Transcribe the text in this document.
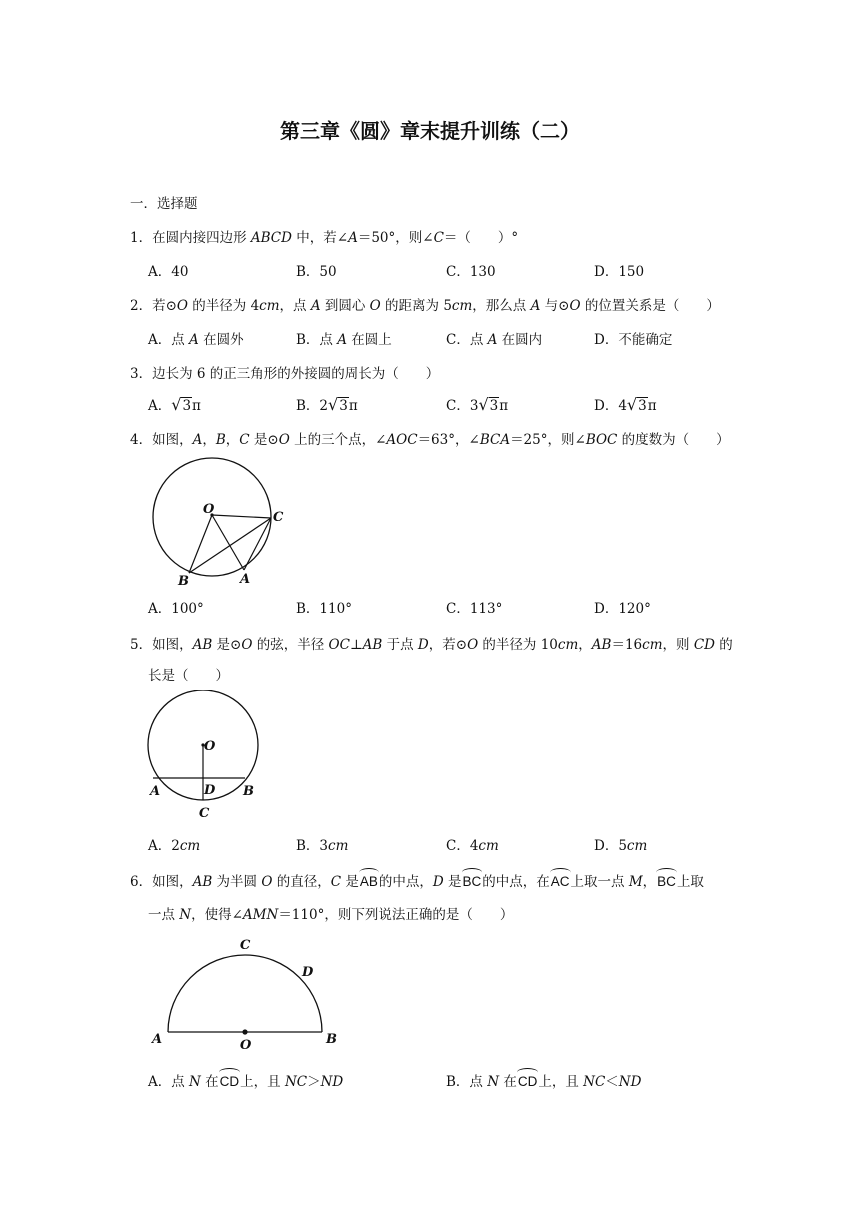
第三章《圆》章末提升训练（二）
一．选择题
1．在圆内接四边形 ABCD 中，若∠A＝50°，则∠C＝（　　）°
A．40	B．50	C．130	D．150
2．若⊙O 的半径为 4cm，点 A 到圆心 O 的距离为 5cm，那么点 A 与⊙O 的位置关系是（　　）
A．点 A 在圆外	B．点 A 在圆上	C．点 A 在圆内	D．不能确定
3．边长为 6 的正三角形的外接圆的周长为（　　）
A．√3π	B．2√3π	C．3√3π	D．4√3π
4．如图，A，B，C 是⊙O 上的三个点，∠AOC＝63°，∠BCA＝25°，则∠BOC 的度数为（　　）
O
C
B	A
A．100°	B．110°	C．113°	D．120°
5．如图，AB 是⊙O 的弦，半径 OC⊥AB 于点 D，若⊙O 的半径为 10cm，AB＝16cm，则 CD 的
长是（　　）
O
D
A	B
C
A．2cm	B．3cm	C．4cm	D．5cm
6．如图，AB 为半圆 O 的直径，C 是AB的中点，D 是BC的中点，在AC上取一点 M，BC上取
一点 N，使得∠AMN＝110°，则下列说法正确的是（　　）
C
D
A	O	B
A．点 N 在CD上，且 NC＞ND	B．点 N 在CD上，且 NC＜ND
